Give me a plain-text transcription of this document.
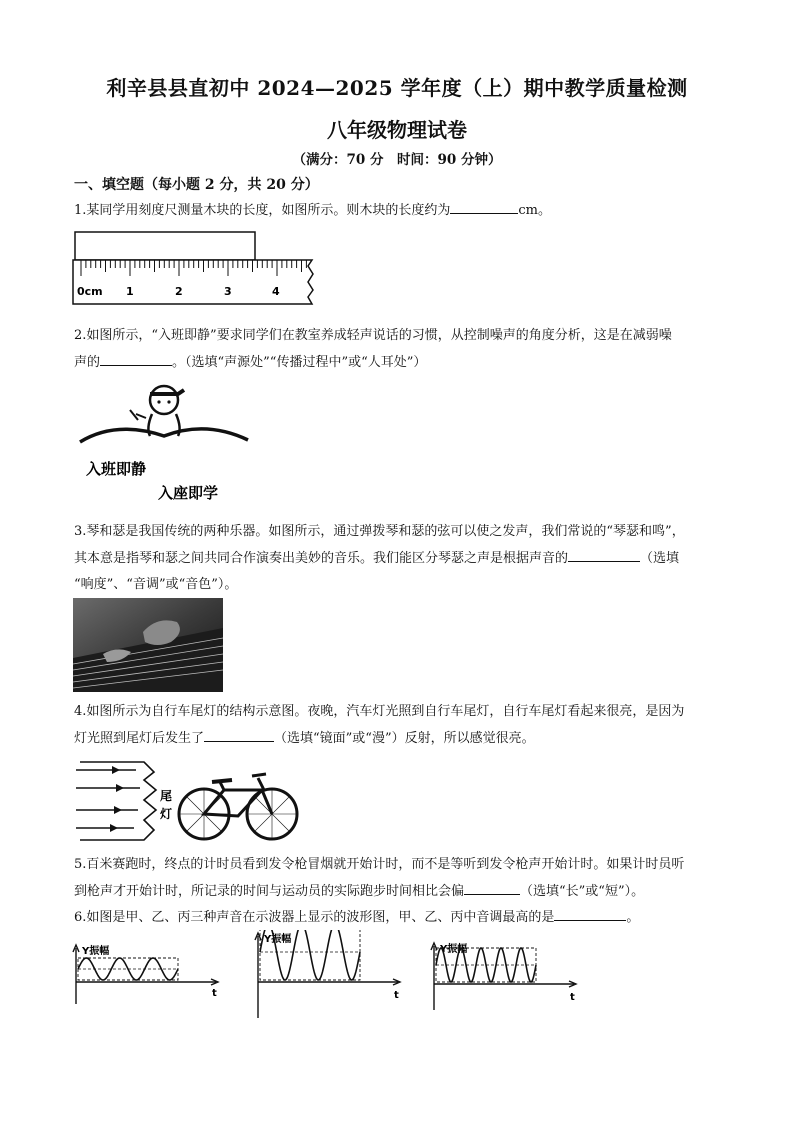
利辛县县直初中 2024—2025 学年度（上）期中教学质量检测
八年级物理试卷
（满分：70 分　时间：90 分钟）
一、填空题（每小题 2 分，共 20 分）
1.某同学用刻度尺测量木块的长度，如图所示。则木块的长度约为	cm。
0cm 1	2	3	4
2.如图所示，“入班即静”要求同学们在教室养成轻声说话的习惯，从控制噪声的角度分析，这是在减弱噪
声的	。（选填“声源处”“传播过程中”或“人耳处”）
入班即静
入座即学
3.琴和瑟是我国传统的两种乐器。如图所示，通过弹拨琴和瑟的弦可以使之发声，我们常说的“琴瑟和鸣”，
其本意是指琴和瑟之间共同合作演奏出美妙的音乐。我们能区分琴瑟之声是根据声音的	（选填
“响度”、“音调”或“音色”）。
4.如图所示为自行车尾灯的结构示意图。夜晚，汽车灯光照到自行车尾灯，自行车尾灯看起来很亮，是因为
灯光照到尾灯后发生了	（选填“镜面”或“漫”）反射，所以感觉很亮。
尾
灯
5.百米赛跑时，终点的计时员看到发令枪冒烟就开始计时，而不是等听到发令枪声开始计时。如果计时员听
到枪声才开始计时，所记录的时间与运动员的实际跑步时间相比会偏	（选填“长”或“短”）。
6.如图是甲、乙、丙三种声音在示波器上显示的波形图，甲、乙、丙中音调最高的是	。
Y振幅
t
Y振幅
t
Y振幅
t
